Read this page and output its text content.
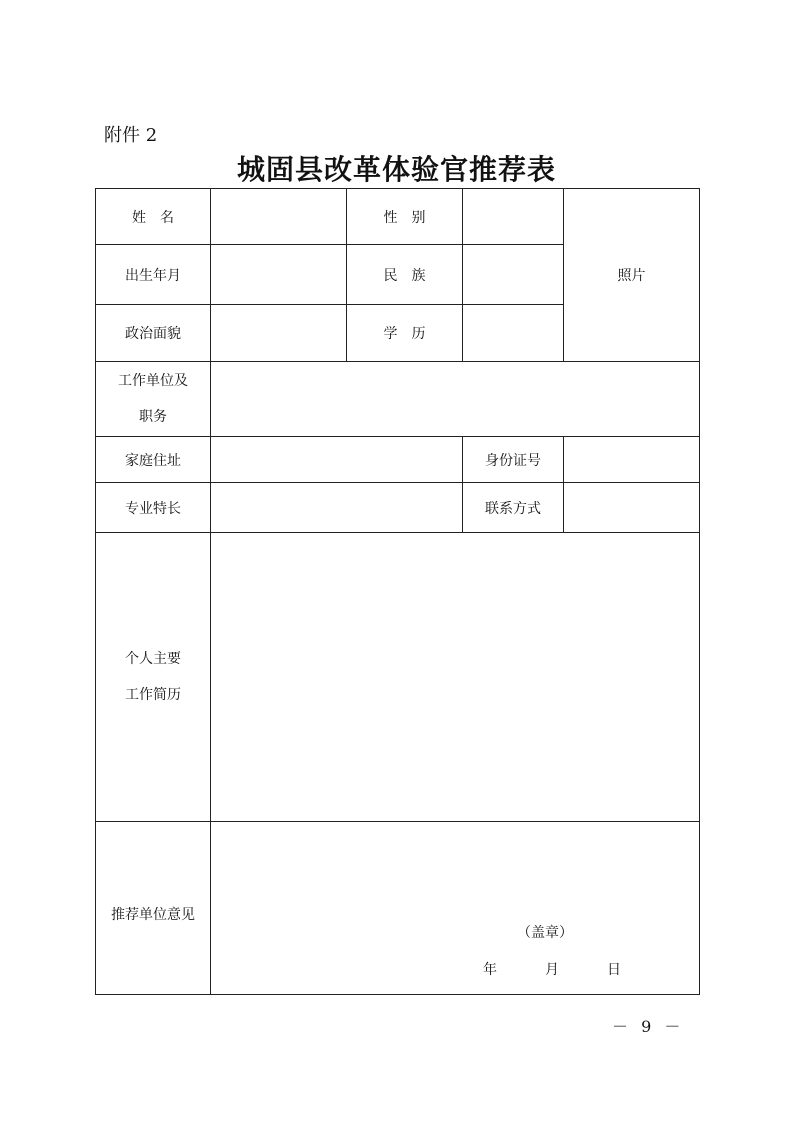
附件 2
城固县改革体验官推荐表
姓　名		性　别		照片
出生年月		民　族		
政治面貌		学　历		

工作单位及
职务				

家庭住址			身份证号	
专业特长			联系方式	

个人主要
工作简历				

推荐单位意见	（盖章）
年 月 日			
－ 9 －
